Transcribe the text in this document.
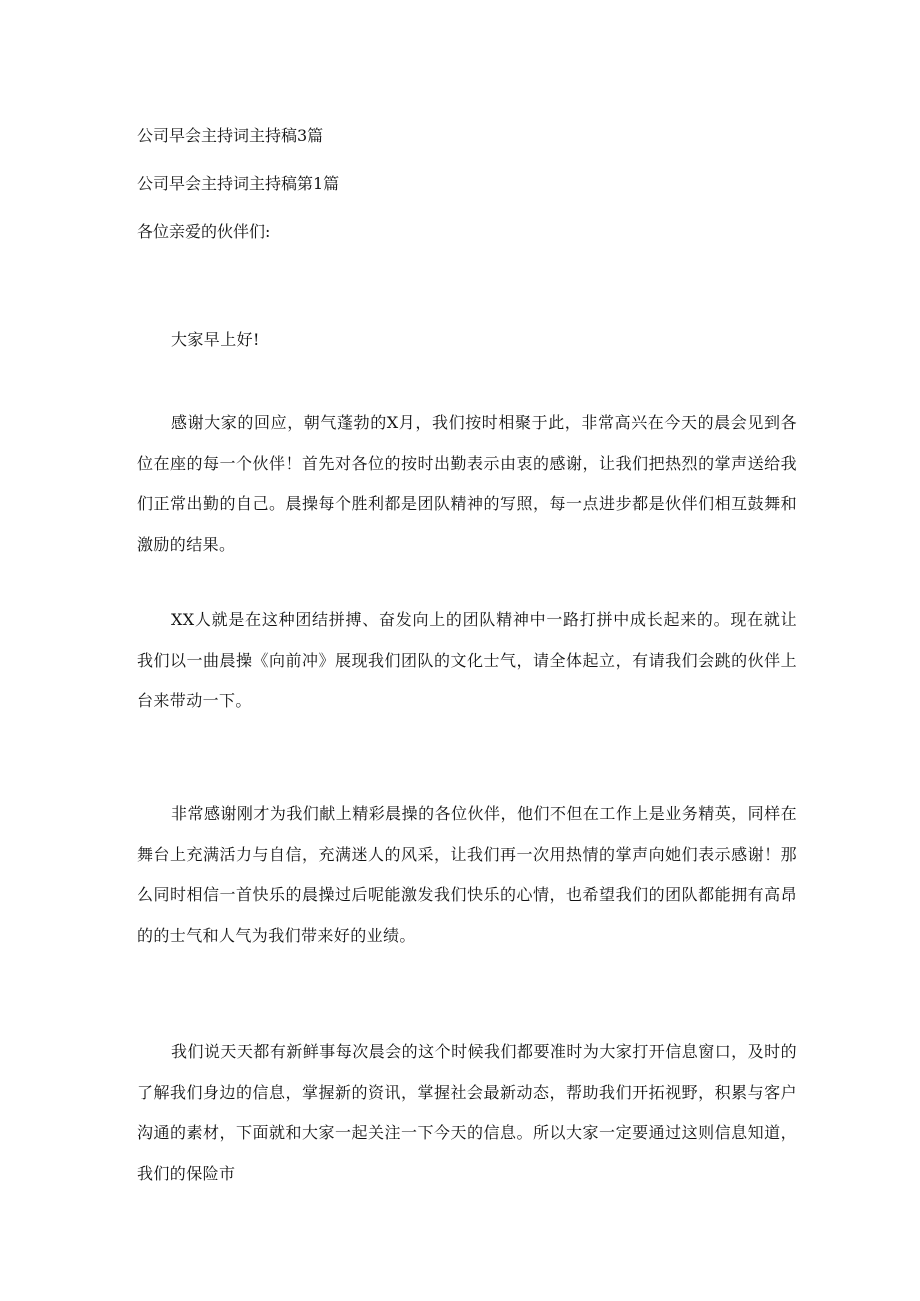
公司早会主持词主持稿3篇
公司早会主持词主持稿第1篇
各位亲爱的伙伴们:
大家早上好!
感谢大家的回应，朝气蓬勃的X月，我们按时相聚于此，非常高兴在今天的晨会见到各位在座的每一个伙伴！首先对各位的按时出勤表示由衷的感谢，让我们把热烈的掌声送给我们正常出勤的自己。晨操每个胜利都是团队精神的写照，每一点进步都是伙伴们相互鼓舞和激励的结果。
XX人就是在这种团结拼搏、奋发向上的团队精神中一路打拼中成长起来的。现在就让我们以一曲晨操《向前冲》展现我们团队的文化士气，请全体起立，有请我们会跳的伙伴上台来带动一下。
非常感谢刚才为我们献上精彩晨操的各位伙伴，他们不但在工作上是业务精英，同样在舞台上充满活力与自信，充满迷人的风采，让我们再一次用热情的掌声向她们表示感谢！那么同时相信一首快乐的晨操过后呢能激发我们快乐的心情，也希望我们的团队都能拥有高昂的的士气和人气为我们带来好的业绩。
我们说天天都有新鲜事每次晨会的这个时候我们都要准时为大家打开信息窗口，及时的了解我们身边的信息，掌握新的资讯，掌握社会最新动态，帮助我们开拓视野，积累与客户沟通的素材，下面就和大家一起关注一下今天的信息。所以大家一定要通过这则信息知道，我们的保险市
